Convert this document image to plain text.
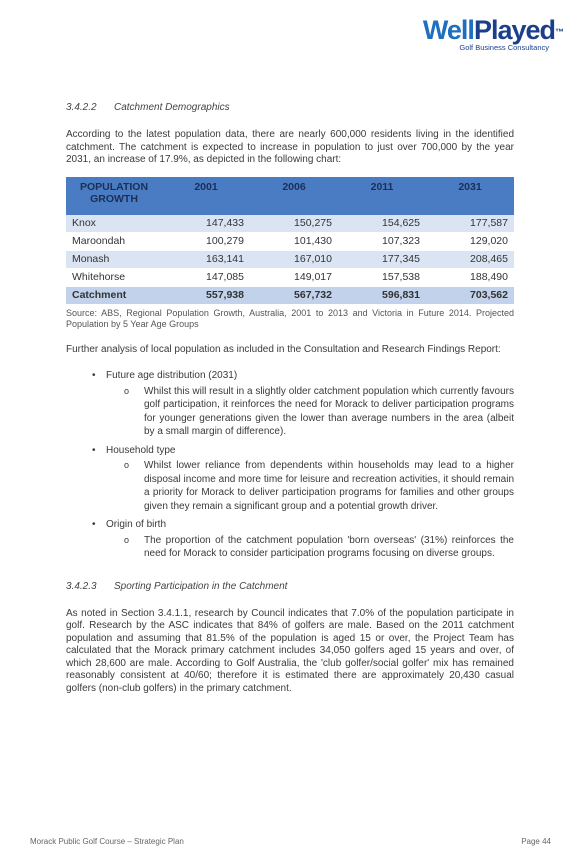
WellPlayed™
Golf Business Consultancy
3.4.2.2 Catchment Demographics

According to the latest population data, there are nearly 600,000 residents living in the identified catchment. The catchment is expected to increase in population to just over 700,000 by the year 2031, an increase of 17.9%, as depicted in the following chart:

POPULATION GROWTH	2001	2006	2011	2031
Knox	147,433	150,275	154,625	177,587
Maroondah	100,279	101,430	107,323	129,020
Monash	163,141	167,010	177,345	208,465
Whitehorse	147,085	149,017	157,538	188,490
Catchment	557,938	567,732	596,831	703,562

Source: ABS, Regional Population Growth, Australia, 2001 to 2013 and Victoria in Future 2014. Projected Population by 5 Year Age Groups

Further analysis of local population as included in the Consultation and Research Findings Report:

• Future age distribution (2031)
o Whilst this will result in a slightly older catchment population which currently favours golf participation, it reinforces the need for Morack to deliver participation programs for younger generations given the lower than average numbers in the area (albeit by a small margin of difference).
• Household type
o Whilst lower reliance from dependents within households may lead to a higher disposal income and more time for leisure and recreation activities, it should remain a priority for Morack to deliver participation programs for families and other groups given they remain a significant group and a potential growth driver.
• Origin of birth
o The proportion of the catchment population 'born overseas' (31%) reinforces the need for Morack to consider participation programs focusing on diverse groups.
3.4.2.3 Sporting Participation in the Catchment

As noted in Section 3.4.1.1, research by Council indicates that 7.0% of the population participate in golf. Research by the ASC indicates that 84% of golfers are male. Based on the 2011 catchment population and assuming that 81.5% of the population is aged 15 or over, the Project Team has calculated that the Morack primary catchment includes 34,050 golfers aged 15 years and over, of which 28,600 are male. According to Golf Australia, the 'club golfer/social golfer' mix has remained reasonably consistent at 40/60; therefore it is estimated there are approximately 20,430 casual golfers (non-club golfers) in the primary catchment.

Morack Public Golf Course – Strategic Plan	Page 44
